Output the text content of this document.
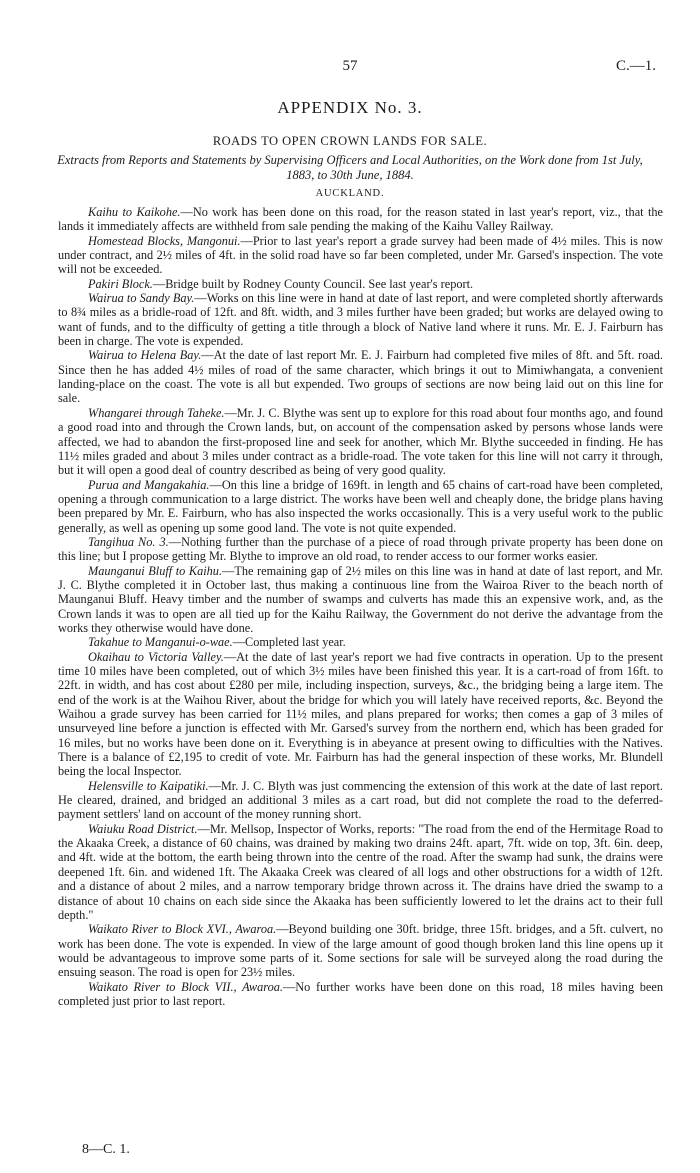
57	C.—1.
APPENDIX No. 3.
ROADS TO OPEN CROWN LANDS FOR SALE.
Extracts from Reports and Statements by Supervising Officers and Local Authorities, on the Work done from 1st July, 1883, to 30th June, 1884.
AUCKLAND.

Kaihu to Kaikohe.—No work has been done on this road, for the reason stated in last year's report, viz., that the lands it immediately affects are withheld from sale pending the making of the Kaihu Valley Railway.

Homestead Blocks, Mangonui.—Prior to last year's report a grade survey had been made of 4½ miles. This is now under contract, and 2½ miles of 4ft. in the solid road have so far been completed, under Mr. Garsed's inspection. The vote will not be exceeded.

Pakiri Block.—Bridge built by Rodney County Council. See last year's report.

Wairua to Sandy Bay.—Works on this line were in hand at date of last report, and were completed shortly afterwards to 8¾ miles as a bridle-road of 12ft. and 8ft. width, and 3 miles further have been graded; but works are delayed owing to want of funds, and to the difficulty of getting a title through a block of Native land where it runs. Mr. E. J. Fairburn has been in charge. The vote is expended.

Wairua to Helena Bay.—At the date of last report Mr. E. J. Fairburn had completed five miles of 8ft. and 5ft. road. Since then he has added 4½ miles of road of the same character, which brings it out to Mimiwhangata, a convenient landing-place on the coast. The vote is all but expended. Two groups of sections are now being laid out on this line for sale.

Whangarei through Taheke.—Mr. J. C. Blythe was sent up to explore for this road about four months ago, and found a good road into and through the Crown lands, but, on account of the compensation asked by persons whose lands were affected, we had to abandon the first-proposed line and seek for another, which Mr. Blythe succeeded in finding. He has 11½ miles graded and about 3 miles under contract as a bridle-road. The vote taken for this line will not carry it through, but it will open a good deal of country described as being of very good quality.

Purua and Mangakahia.—On this line a bridge of 169ft. in length and 65 chains of cart-road have been completed, opening a through communication to a large district. The works have been well and cheaply done, the bridge plans having been prepared by Mr. E. Fairburn, who has also inspected the works occasionally. This is a very useful work to the public generally, as well as opening up some good land. The vote is not quite expended.

Tangihua No. 3.—Nothing further than the purchase of a piece of road through private property has been done on this line; but I propose getting Mr. Blythe to improve an old road, to render access to our former works easier.

Maunganui Bluff to Kaihu.—The remaining gap of 2½ miles on this line was in hand at date of last report, and Mr. J. C. Blythe completed it in October last, thus making a continuous line from the Wairoa River to the beach north of Maunganui Bluff. Heavy timber and the number of swamps and culverts has made this an expensive work, and, as the Crown lands it was to open are all tied up for the Kaihu Railway, the Government do not derive the advantage from the works they otherwise would have done.

Takahue to Manganui-o-wae.—Completed last year.

Okaihau to Victoria Valley.—At the date of last year's report we had five contracts in operation. Up to the present time 10 miles have been completed, out of which 3½ miles have been finished this year. It is a cart-road of from 16ft. to 22ft. in width, and has cost about £280 per mile, including inspection, surveys, &c., the bridging being a large item. The end of the work is at the Waihou River, about the bridge for which you will lately have received reports, &c. Beyond the Waihou a grade survey has been carried for 11½ miles, and plans prepared for works; then comes a gap of 3 miles of unsurveyed line before a junction is effected with Mr. Garsed's survey from the northern end, which has been graded for 16 miles, but no works have been done on it. Everything is in abeyance at present owing to difficulties with the Natives. There is a balance of £2,195 to credit of vote. Mr. Fairburn has had the general inspection of these works, Mr. Blundell being the local Inspector.

Helensville to Kaipatiki.—Mr. J. C. Blyth was just commencing the extension of this work at the date of last report. He cleared, drained, and bridged an additional 3 miles as a cart road, but did not complete the road to the deferred-payment settlers' land on account of the money running short.

Waiuku Road District.—Mr. Mellsop, Inspector of Works, reports: "The road from the end of the Hermitage Road to the Akaaka Creek, a distance of 60 chains, was drained by making two drains 24ft. apart, 7ft. wide on top, 3ft. 6in. deep, and 4ft. wide at the bottom, the earth being thrown into the centre of the road. After the swamp had sunk, the drains were deepened 1ft. 6in. and widened 1ft. The Akaaka Creek was cleared of all logs and other obstructions for a width of 12ft. and a distance of about 2 miles, and a narrow temporary bridge thrown across it. The drains have dried the swamp to a distance of about 10 chains on each side since the Akaaka has been sufficiently lowered to let the drains act to their full depth."

Waikato River to Block XVI., Awaroa.—Beyond building one 30ft. bridge, three 15ft. bridges, and a 5ft. culvert, no work has been done. The vote is expended. In view of the large amount of good though broken land this line opens up it would be advantageous to improve some parts of it. Some sections for sale will be surveyed along the road during the ensuing season. The road is open for 23½ miles.

Waikato River to Block VII., Awaroa.—No further works have been done on this road, 18 miles having been completed just prior to last report.

8—C. 1.
